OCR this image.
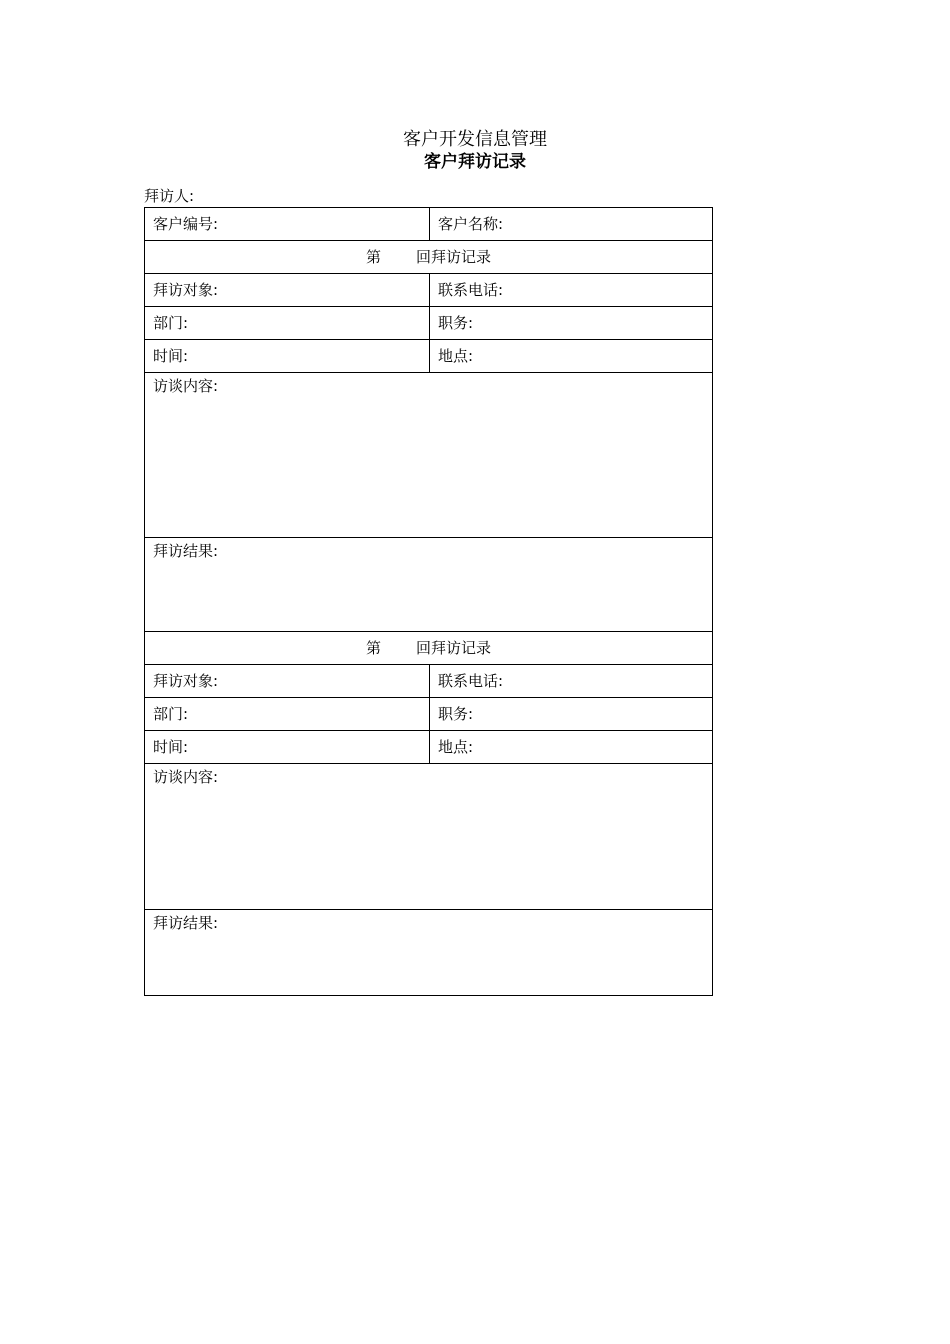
客户开发信息管理
客户拜访记录
拜访人:
客户编号:	客户名称:
第 回拜访记录	
拜访对象:	联系电话:
部门:	职务:
时间:	地点:
访谈内容:	
拜访结果:	
第 回拜访记录	
拜访对象:	联系电话:
部门:	职务:
时间:	地点:
访谈内容:	
拜访结果:	
